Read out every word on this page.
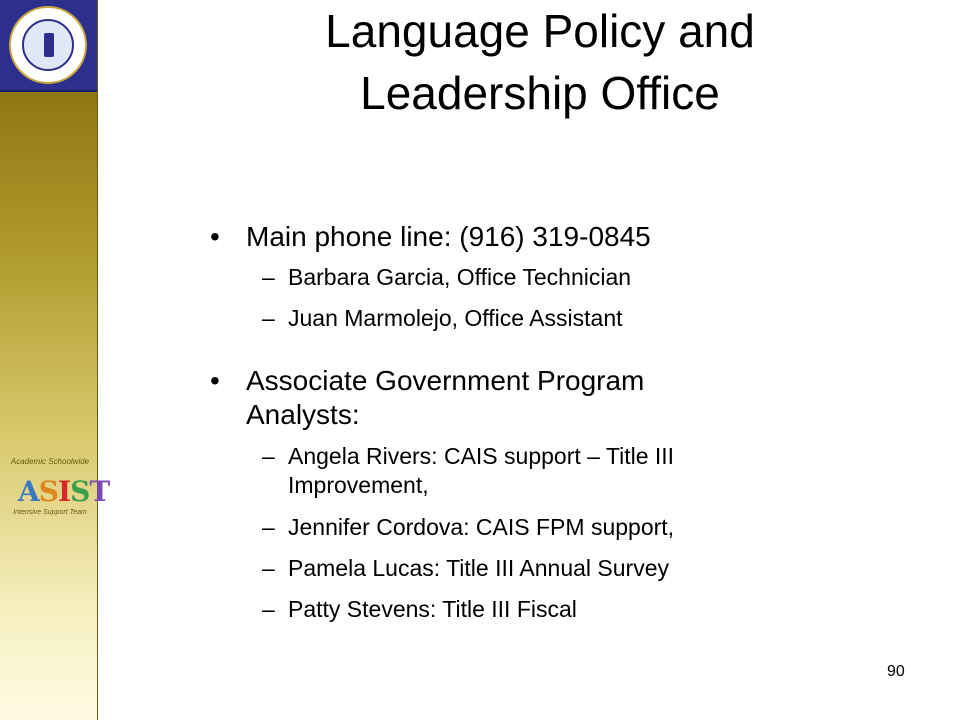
Academic Schoolwide
ASIST
Intensive Support Team
Language Policy and
Leadership Office
• Main phone line: (916) 319-0845
– Barbara Garcia, Office Technician
– Juan Marmolejo, Office Assistant
• Associate Government Program
Analysts:
– Angela Rivers: CAIS support – Title III
Improvement,
– Jennifer Cordova: CAIS FPM support,
– Pamela Lucas: Title III Annual Survey
– Patty Stevens: Title III Fiscal
90
